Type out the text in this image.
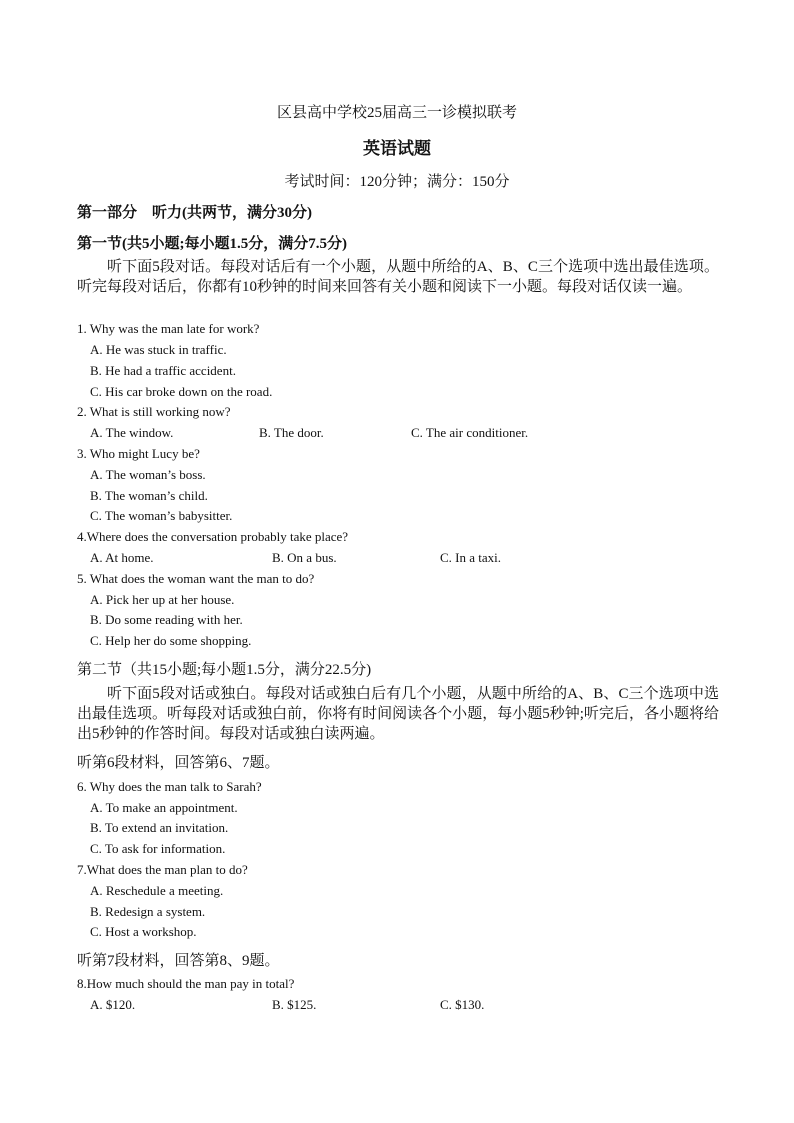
区县高中学校25届高三一诊模拟联考
英语试题
考试时间：120分钟；满分：150分
第一部分　听力(共两节，满分30分)
第一节(共5小题;每小题1.5分，满分7.5分)
听下面5段对话。每段对话后有一个小题，从题中所给的A、B、C三个选项中选出最佳选项。听完每段对话后，你都有10秒钟的时间来回答有关小题和阅读下一小题。每段对话仅读一遍。
1. Why was the man late for work?
A. He was stuck in traffic.
B. He had a traffic accident.
C. His car broke down on the road.
2. What is still working now?
A. The window.	B. The door.	C. The air conditioner.
3. Who might Lucy be?
A. The woman’s boss.
B. The woman’s child.
C. The woman’s babysitter.
4.Where does the conversation probably take place?
A. At home.	B. On a bus.	C. In a taxi.
5. What does the woman want the man to do?
A. Pick her up at her house.
B. Do some reading with her.
C. Help her do some shopping.
第二节（共15小题;每小题1.5分，满分22.5分)
听下面5段对话或独白。每段对话或独白后有几个小题，从题中所给的A、B、C三个选项中选出最佳选项。听每段对话或独白前，你将有时间阅读各个小题，每小题5秒钟;听完后，各小题将给出5秒钟的作答时间。每段对话或独白读两遍。
听第6段材料，回答第6、7题。
6. Why does the man talk to Sarah?
A. To make an appointment.
B. To extend an invitation.
C. To ask for information.
7.What does the man plan to do?
A. Reschedule a meeting.
B. Redesign a system.
C. Host a workshop.
听第7段材料，回答第8、9题。
8.How much should the man pay in total?
A. $120.	B. $125.	C. $130.
